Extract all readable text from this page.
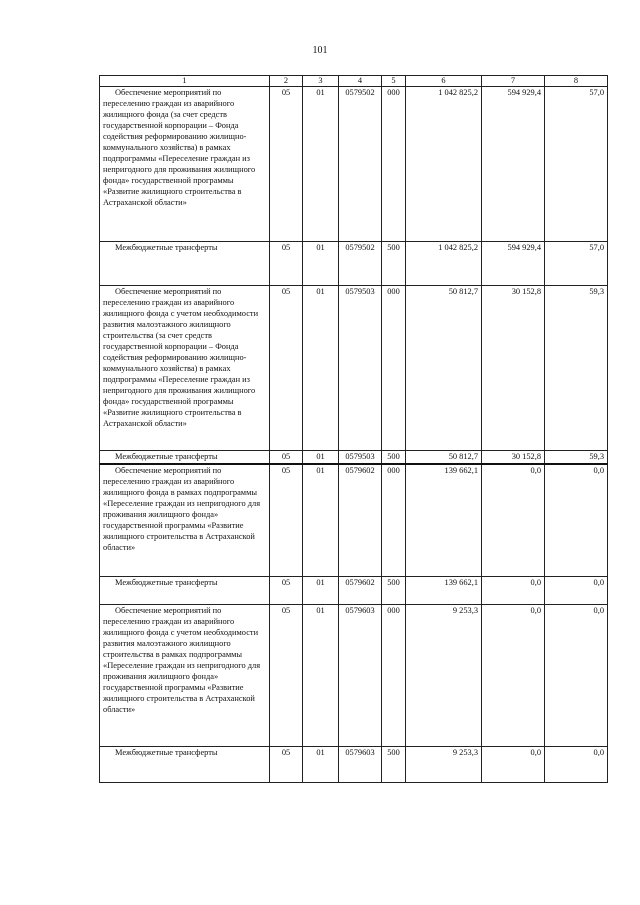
101
1	2	3	4	5	6	7	8
Обеспечение мероприятий по переселению граждан из аварийного жилищного фонда (за счет средств государственной корпорации – Фонда содействия реформированию жилищно-коммунального хозяйства) в рамках подпрограммы «Переселение граждан из непригодного для проживания жилищного фонда» государственной программы «Развитие жилищного строительства в Астраханской области»	05	01	0579502	000	1 042 825,2	594 929,4	57,0
Межбюджетные трансферты	05	01	0579502	500	1 042 825,2	594 929,4	57,0
Обеспечение мероприятий по переселению граждан из аварийного жилищного фонда с учетом необходимости развития малоэтажного жилищного строительства (за счет средств государственной корпорации – Фонда содействия реформированию жилищно-коммунального хозяйства) в рамках подпрограммы «Переселение граждан из непригодного для проживания жилищного фонда» государственной программы «Развитие жилищного строительства в Астраханской области»	05	01	0579503	000	50 812,7	30 152,8	59,3
Межбюджетные трансферты	05	01	0579503	500	50 812,7	30 152,8	59,3
Обеспечение мероприятий по переселению граждан из аварийного жилищного фонда в рамках подпрограммы «Переселение граждан из непригодного для проживания жилищного фонда» государственной программы «Развитие жилищного строительства в Астраханской области»	05	01	0579602	000	139 662,1	0,0	0,0
Межбюджетные трансферты	05	01	0579602	500	139 662,1	0,0	0,0
Обеспечение мероприятий по переселению граждан из аварийного жилищного фонда с учетом необходимости развития малоэтажного жилищного строительства в рамках подпрограммы «Переселение граждан из непригодного для проживания жилищного фонда» государственной программы «Развитие жилищного строительства в Астраханской области»	05	01	0579603	000	9 253,3	0,0	0,0
Межбюджетные трансферты	05	01	0579603	500	9 253,3	0,0	0,0
